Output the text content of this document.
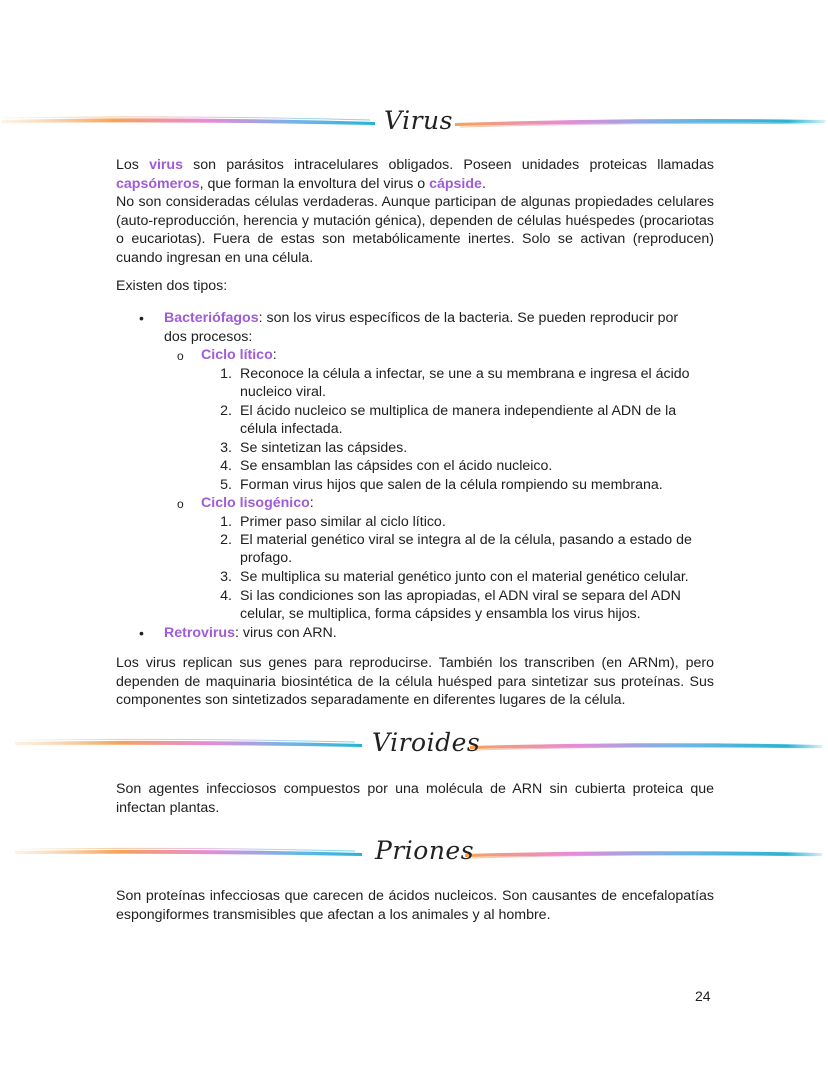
Virus

Los virus son parásitos intracelulares obligados. Poseen unidades proteicas llamadas capsómeros, que forman la envoltura del virus o cápside.

No son consideradas células verdaderas. Aunque participan de algunas propiedades celulares (auto-reproducción, herencia y mutación génica), dependen de células huéspedes (procariotas o eucariotas). Fuera de estas son metabólicamente inertes. Solo se activan (reproducen) cuando ingresan en una célula.

Existen dos tipos:

• Bacteriófagos: son los virus específicos de la bacteria. Se pueden reproducir por
dos procesos:
o Ciclo lítico:
1. Reconoce la célula a infectar, se une a su membrana e ingresa el ácido
nucleico viral.
2. El ácido nucleico se multiplica de manera independiente al ADN de la
célula infectada.
3. Se sintetizan las cápsides.
4. Se ensamblan las cápsides con el ácido nucleico.
5. Forman virus hijos que salen de la célula rompiendo su membrana.
o Ciclo lisogénico:
1. Primer paso similar al ciclo lítico.
2. El material genético viral se integra al de la célula, pasando a estado de
profago.
3. Se multiplica su material genético junto con el material genético celular.
4. Si las condiciones son las apropiadas, el ADN viral se separa del ADN
celular, se multiplica, forma cápsides y ensambla los virus hijos.
• Retrovirus: virus con ARN.
Los virus replican sus genes para reproducirse. También los transcriben (en ARNm), pero dependen de maquinaria biosintética de la célula huésped para sintetizar sus proteínas. Sus componentes son sintetizados separadamente en diferentes lugares de la célula.
Viroides
Son agentes infecciosos compuestos por una molécula de ARN sin cubierta proteica que infectan plantas.
Priones
Son proteínas infecciosas que carecen de ácidos nucleicos. Son causantes de encefalopatías espongiformes transmisibles que afectan a los animales y al hombre.
24
